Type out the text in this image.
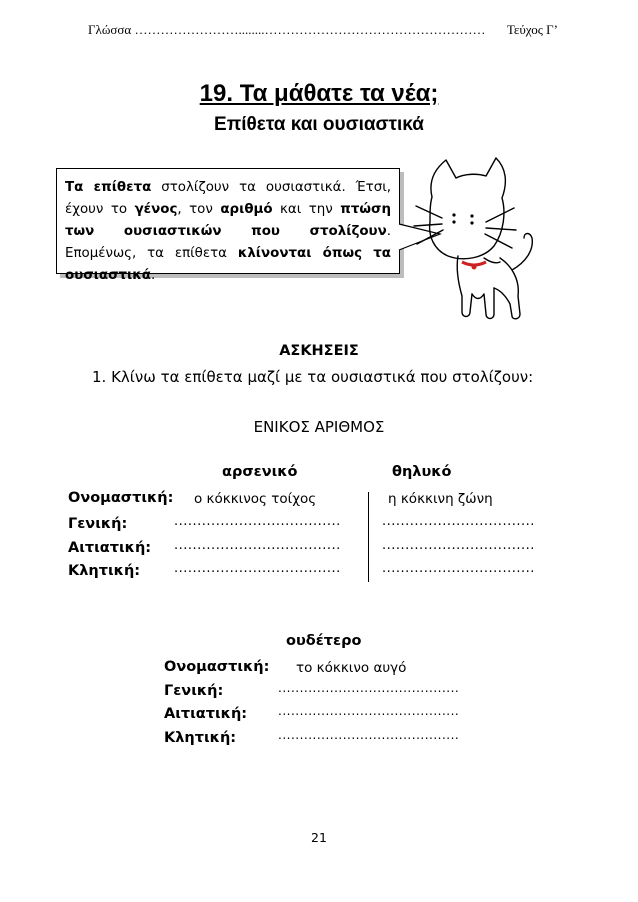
Γλώσσα ……………………........…………………………………………… Τεύχος Γ’
19. Τα μάθατε τα νέα;
Επίθετα και ουσιαστικά
Τα επίθετα στολίζουν τα ουσιαστικά. Έτσι, έχουν το γένος, τον αριθμό και την πτώση των ουσιαστικών που στολίζουν. Επομένως, τα επίθετα κλίνονται όπως τα ουσιαστικά.
ΑΣΚΗΣΕΙΣ
1. Κλίνω τα επίθετα μαζί με τα ουσιαστικά που στολίζουν:
ΕΝΙΚΟΣ ΑΡΙΘΜΟΣ
αρσενικό	θηλυκό
Ονομαστική: ο κόκκινος τοίχος	η κόκκινη ζώνη
Γενική:	....................................	.................................
Αιτιατική: ....................................	.................................
Κλητική:	....................................	.................................
ουδέτερο
Ονομαστική: το κόκκινο αυγό
Γενική:	..........................................
Αιτιατική:	..........................................
Κλητική:	..........................................
21
